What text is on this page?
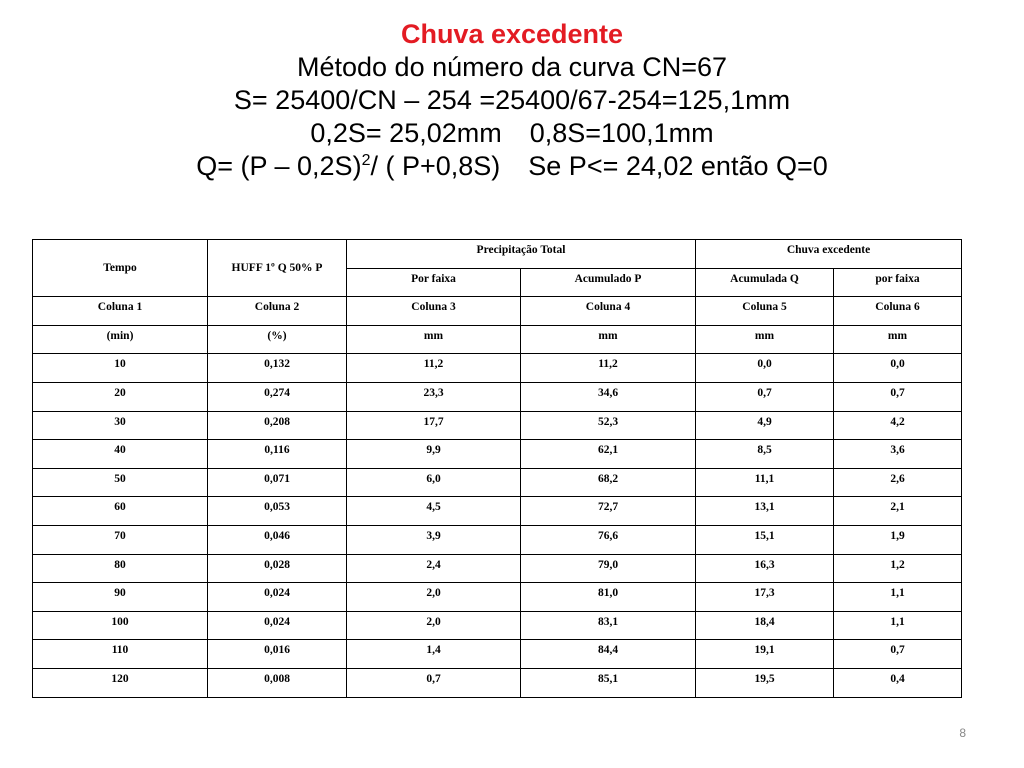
Chuva excedente
Método do número da curva CN=67
S= 25400/CN – 254 =25400/67-254=125,1mm
0,2S= 25,02mm 0,8S=100,1mm
Q= (P – 0,2S)$^2$/ ( P+0,8S) Se P<= 24,02 então Q=0
Tempo	HUFF 1º Q 50% P	Precipitação Total		Chuva excedente	
		Por faixa	Acumulado P	Acumulada Q	por faixa
Coluna 1	Coluna 2	Coluna 3	Coluna 4	Coluna 5	Coluna 6
(min)	(%)	mm	mm	mm	mm
10	0,132	11,2	11,2	0,0	0,0
20	0,274	23,3	34,6	0,7	0,7
30	0,208	17,7	52,3	4,9	4,2
40	0,116	9,9	62,1	8,5	3,6
50	0,071	6,0	68,2	11,1	2,6
60	0,053	4,5	72,7	13,1	2,1
70	0,046	3,9	76,6	15,1	1,9
80	0,028	2,4	79,0	16,3	1,2
90	0,024	2,0	81,0	17,3	1,1
100	0,024	2,0	83,1	18,4	1,1
110	0,016	1,4	84,4	19,1	0,7
120	0,008	0,7	85,1	19,5	0,4
8
